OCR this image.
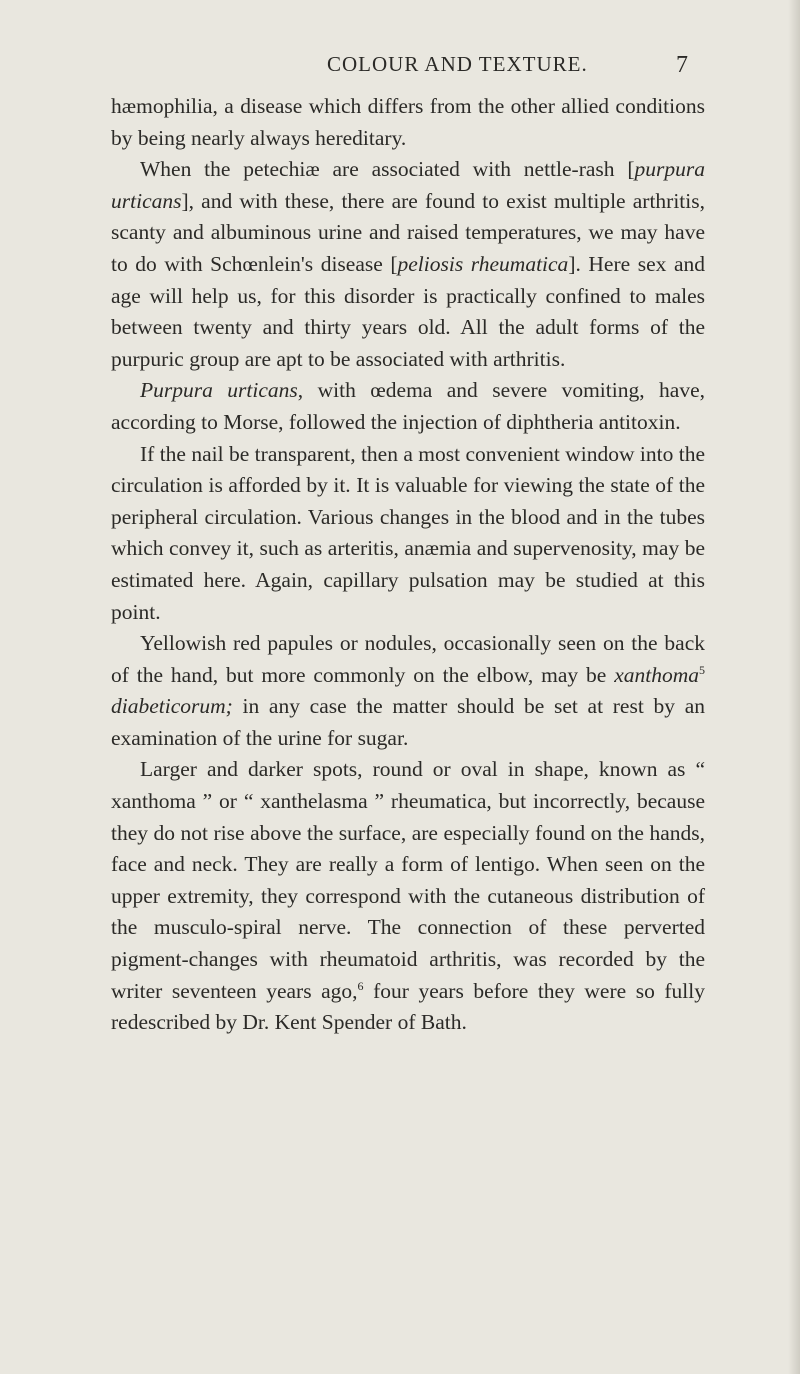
COLOUR AND TEXTURE.	7

hæmophilia, a disease which differs from the other allied conditions by being nearly always hereditary.

When the petechiæ are associated with nettle-rash [purpura urticans], and with these, there are found to exist multiple arthritis, scanty and albuminous urine and raised temperatures, we may have to do with Schœnlein's disease [peliosis rheumatica]. Here sex and age will help us, for this disorder is practically confined to males between twenty and thirty years old. All the adult forms of the purpuric group are apt to be associated with arthritis.

Purpura urticans, with œdema and severe vomiting, have, according to Morse, followed the injection of diphtheria antitoxin.

If the nail be transparent, then a most convenient window into the circulation is afforded by it. It is valuable for viewing the state of the peripheral circulation. Various changes in the blood and in the tubes which convey it, such as arteritis, anæmia and supervenosity, may be estimated here. Again, capillary pulsation may be studied at this point.

Yellowish red papules or nodules, occasionally seen on the back of the hand, but more commonly on the elbow, may be xanthoma$^5$ diabeticorum; in any case the matter should be set at rest by an examination of the urine for sugar.

Larger and darker spots, round or oval in shape, known as “ xanthoma ” or “ xanthelasma ” rheumatica, but incorrectly, because they do not rise above the surface, are especially found on the hands, face and neck. They are really a form of lentigo. When seen on the upper extremity, they correspond with the cutaneous distribution of the musculo-spiral nerve. The connection of these perverted pigment-changes with rheumatoid arthritis, was recorded by the writer seventeen years ago,$^6$ four years before they were so fully redescribed by Dr. Kent Spender of Bath.
